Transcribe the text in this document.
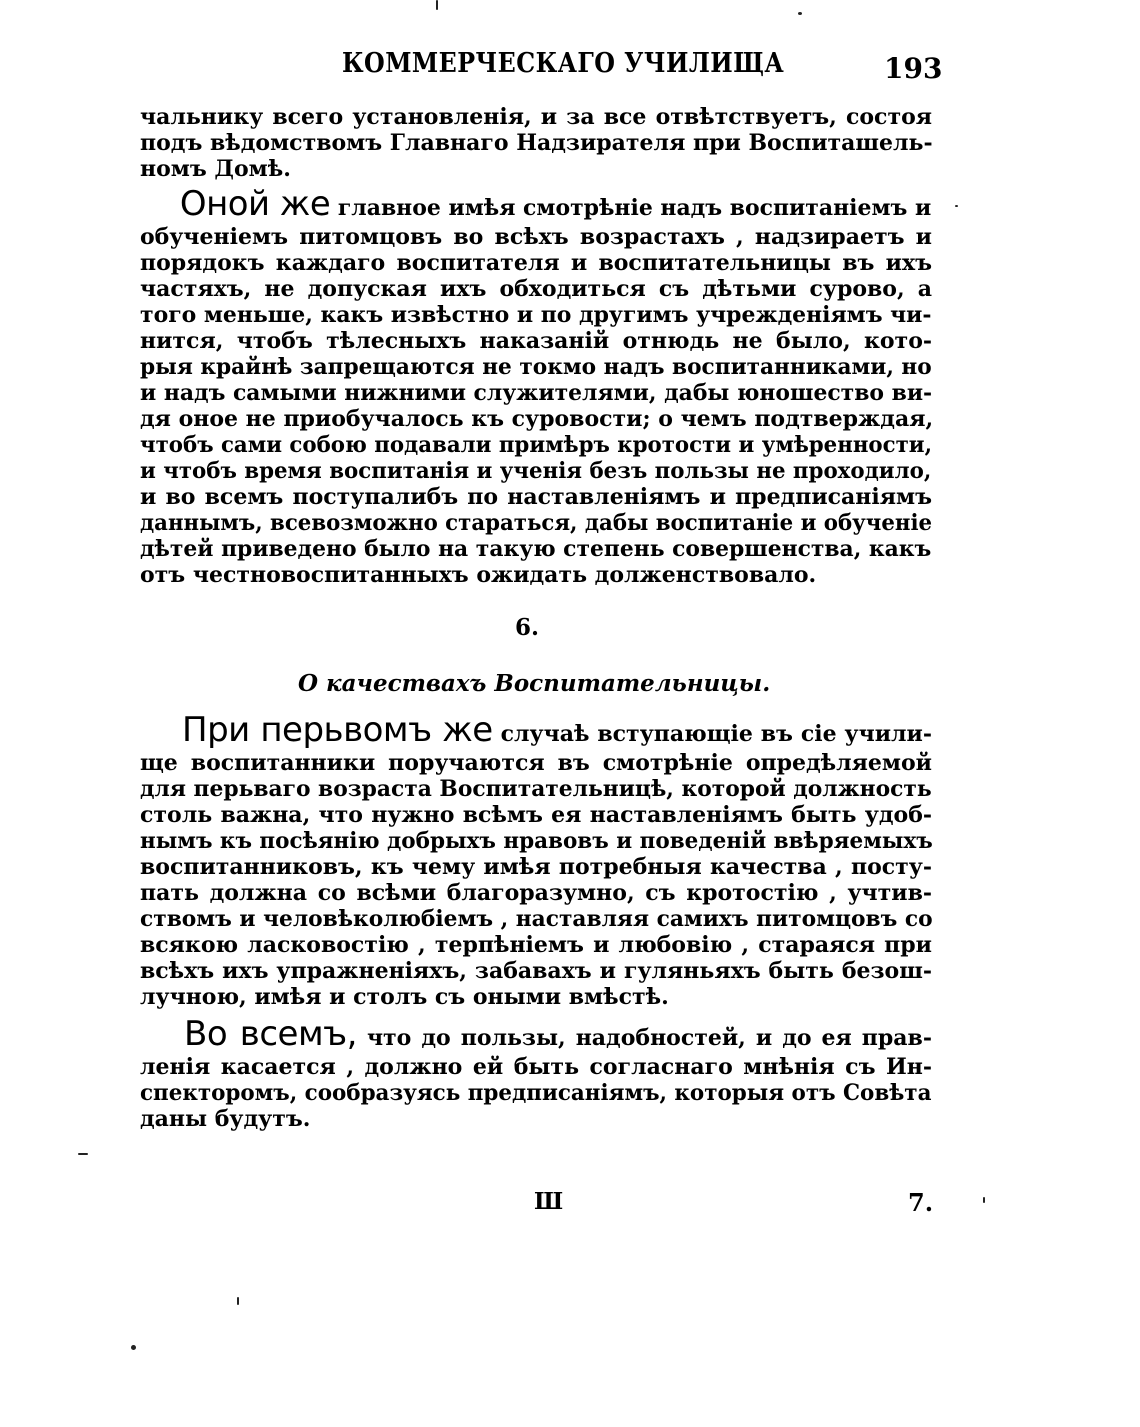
КОММЕРЧЕСКАГО УЧИЛИЩА	193
чальнику всего установленія, и за все отвѣтствуетъ, состоя
подъ вѣдомствомъ Главнаго Надзирателя при Воспиташель-
номъ Домѣ.
Оной же главное имѣя смотрѣніе надъ воспитаніемъ и
обученіемъ питомцовъ во всѣхъ возрастахъ , надзираетъ и
порядокъ каждаго воспитателя и воспитательницы въ ихъ
частяхъ, не допуская ихъ обходиться съ дѣтьми сурово, а
того меньше, какъ извѣстно и по другимъ учрежденіямъ чи-
нится, чтобъ тѣлесныхъ наказаній отнюдь не было, кото-
рыя крайнѣ запрещаются не токмо надъ воспитанниками, но
и надъ самыми нижними служителями, дабы юношество ви-
дя оное не приобучалось къ суровости; о чемъ подтверждая,
чтобъ сами собою подавали примѣръ кротости и умѣренности,
и чтобъ время воспитанія и ученія безъ пользы не проходило,
и во всемъ поступалибъ по наставленіямъ и предписаніямъ
даннымъ, всевозможно стараться, дабы воспитаніе и обученіе
дѣтей приведено было на такую степень совершенства, какъ
отъ честновоспитанныхъ ожидать долженствовало.
6.
О качествахъ Воспитательницы.
При перьвомъ же случаѣ вступающіе въ сіе учили-
ще воспитанники поручаются въ смотрѣніе опредѣляемой
для перьваго возраста Воспитательницѣ, которой должность
столь важна, что нужно всѣмъ ея наставленіямъ быть удоб-
нымъ къ посѣянію добрыхъ нравовъ и поведеній ввѣряемыхъ
воспитанниковъ, къ чему имѣя потребныя качества , посту-
пать должна со всѣми благоразумно, съ кротостію , учтив-
ствомъ и человѣколюбіемъ , наставляя самихъ питомцовъ со
всякою ласковостію , терпѣніемъ и любовію , стараяся при
всѣхъ ихъ упражненіяхъ, забавахъ и гуляньяхъ быть безош-
лучною, имѣя и столъ съ оными вмѣстѣ.
Во всемъ, что до пользы, надобностей, и до ея прав-
ленія касается , должно ей быть согласнаго мнѣнія съ Ин-
спекторомъ, сообразуясь предписаніямъ, которыя отъ Совѣта
даны будутъ.
Ш	7.
